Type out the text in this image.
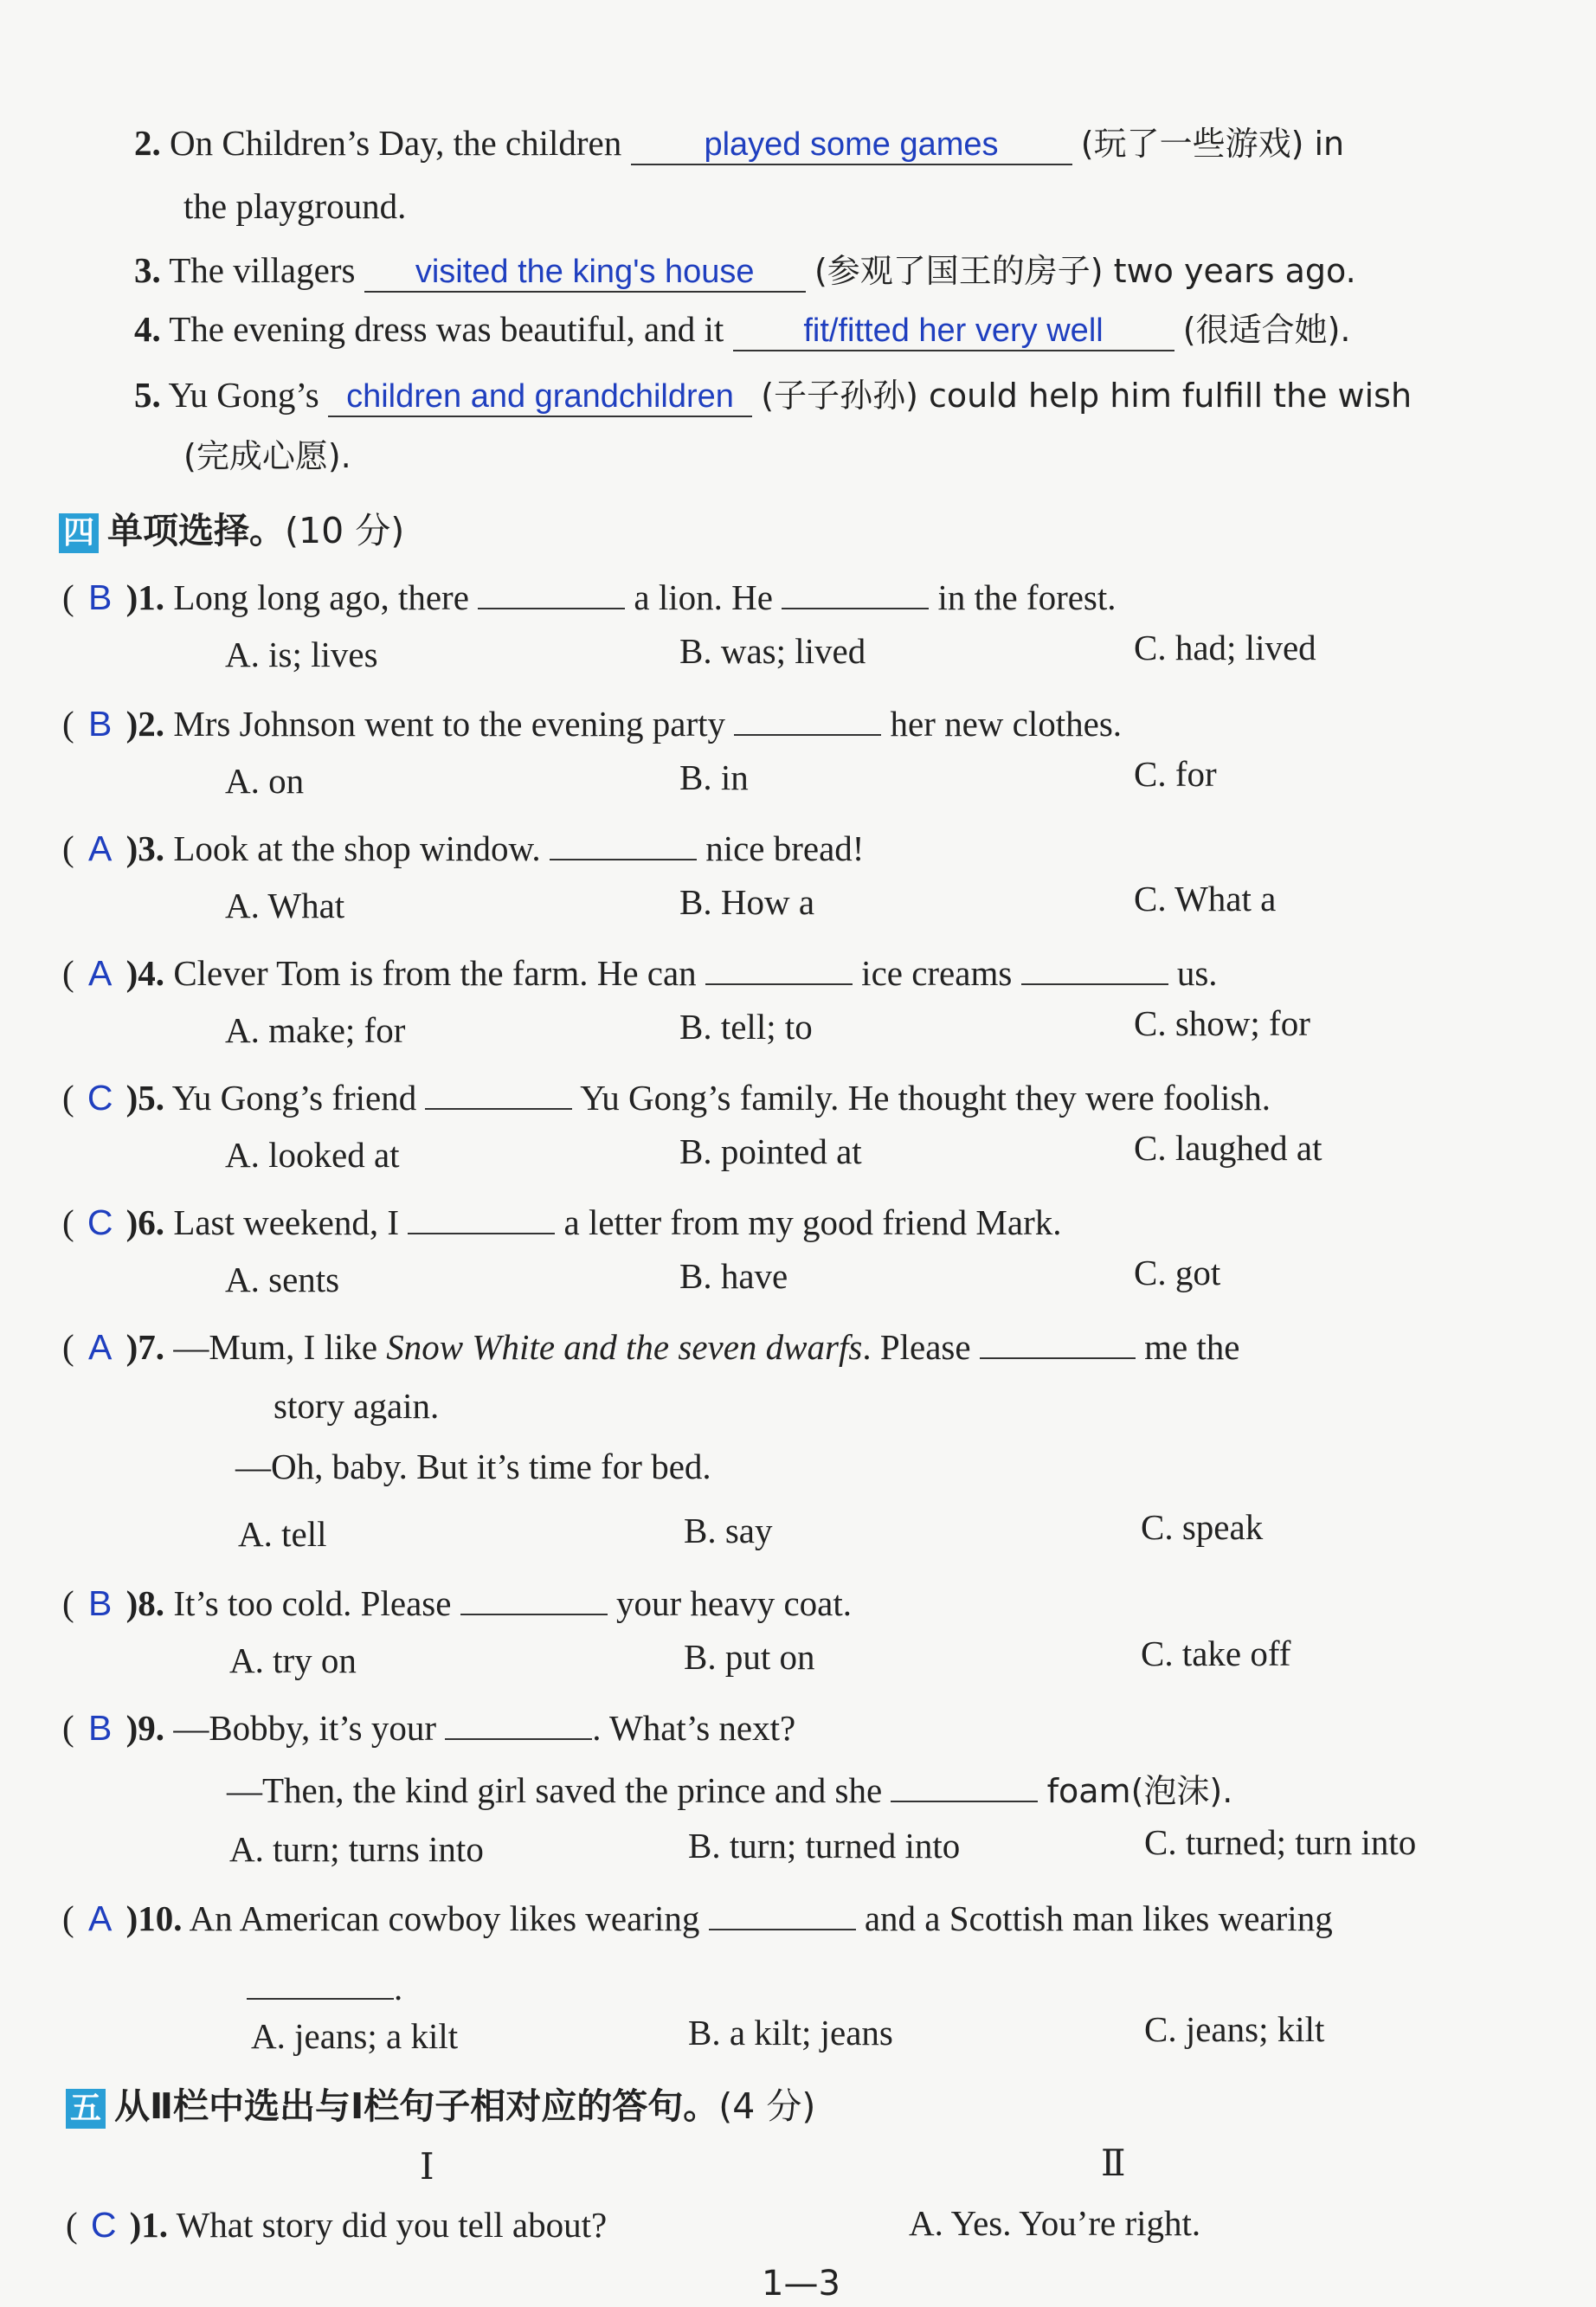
2. On Children’s Day, the children	played some games	(玩了一些游戏) in
the playground.
3. The villagers visited the king's house (参观了国王的房子) two years ago.
4. The evening dress was beautiful, and it fit/fitted her very well (很适合她).
5. Yu Gong’s children and grandchildren (子子孙孙) could help him fulfill the wish
(完成心愿).
四 单项选择。(10 分)
( B )1. Long long ago, there	a lion. He	in the forest.
A. is; lives	B. was; lived	C. had; lived
( B )2. Mrs Johnson went to the evening party	her new clothes.
A. on	B. in	C. for
( A )3. Look at the shop window.	nice bread!
A. What	B. How a	C. What a
( A )4. Clever Tom is from the farm. He can	ice creams	us.
A. make; for	B. tell; to	C. show; for
( C )5. Yu Gong’s friend	Yu Gong’s family. He thought they were foolish.
A. looked at	B. pointed at	C. laughed at
( C )6. Last weekend, I	a letter from my good friend Mark.
A. sents	B. have	C. got
( A )7. —Mum, I like Snow White and the seven dwarfs. Please	me the
story again.
—Oh, baby. But it’s time for bed.
A. tell	B. say	C. speak
( B )8. It’s too cold. Please	your heavy coat.
A. try on	B. put on	C. take off
( B )9. —Bobby, it’s your	. What’s next?
—Then, the kind girl saved the prince and she	foam(泡沫).
A. turn; turns into	B. turn; turned into	C. turned; turn into
( A )10. An American cowboy likes wearing	and a Scottish man likes wearing
.
A. jeans; a kilt	B. a kilt; jeans	C. jeans; kilt
五 从Ⅱ栏中选出与Ⅰ栏句子相对应的答句。(4 分)
Ⅰ	Ⅱ
( C )1. What story did you tell about?	A. Yes. You’re right.
1—3
